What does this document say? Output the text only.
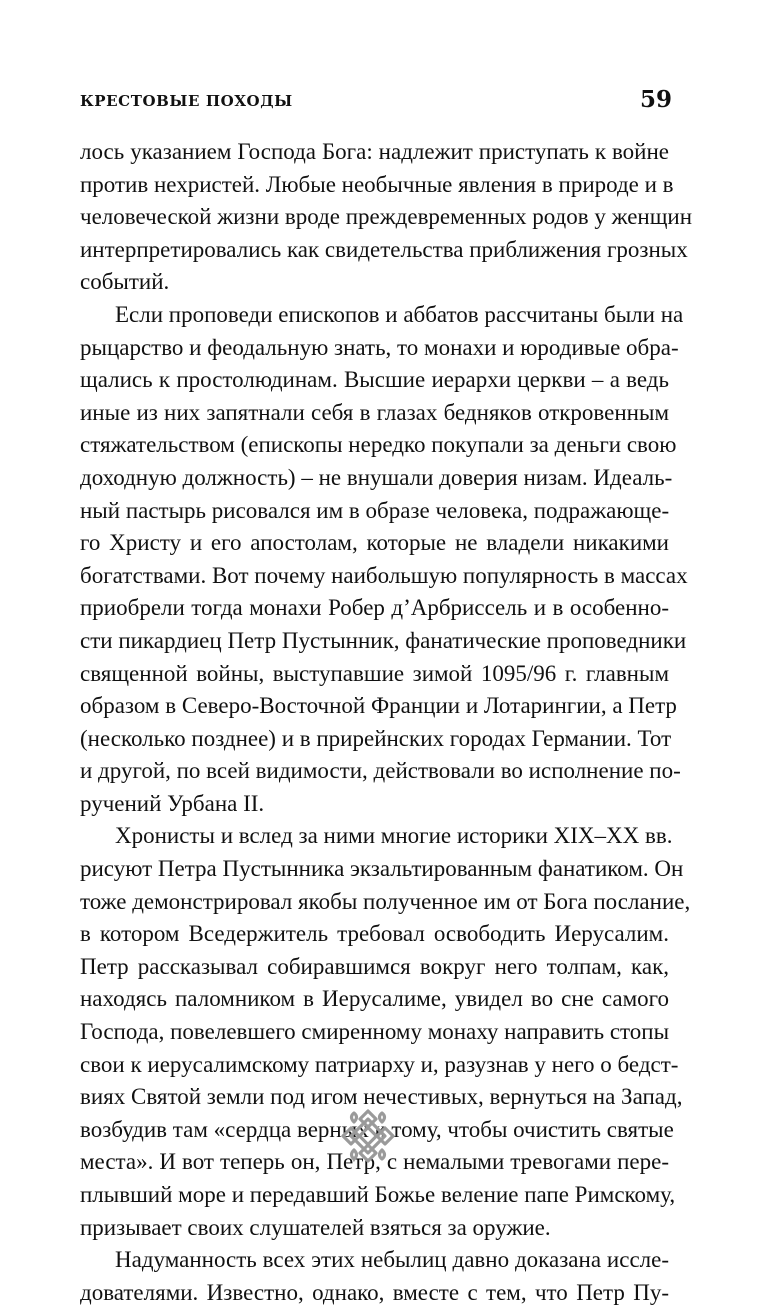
КРЕСТОВЫЕ ПОХОДЫ	59
лось указанием Господа Бога: надлежит приступать к войне
против нехристей. Любые необычные явления в природе и в
человеческой жизни вроде преждевременных родов у женщин
интерпретировались как свидетельства приближения грозных
событий.
Если проповеди епископов и аббатов рассчитаны были на
рыцарство и феодальную знать, то монахи и юродивые обра-
щались к простолюдинам. Высшие иерархи церкви – а ведь
иные из них запятнали себя в глазах бедняков откровенным
стяжательством (епископы нередко покупали за деньги свою
доходную должность) – не внушали доверия низам. Идеаль-
ный пастырь рисовался им в образе человека, подражающе-
го Христу и его апостолам, которые не владели никакими
богатствами. Вот почему наибольшую популярность в массах
приобрели тогда монахи Робер д’Арбриссель и в особенно-
сти пикардиец Петр Пустынник, фанатические проповедники
священной войны, выступавшие зимой 1095/96 г. главным
образом в Северо-Восточной Франции и Лотарингии, а Петр
(несколько позднее) и в прирейнских городах Германии. Тот
и другой, по всей видимости, действовали во исполнение по-
ручений Урбана II.
Хронисты и вслед за ними многие историки XIX–XX вв.
рисуют Петра Пустынника экзальтированным фанатиком. Он
тоже демонстрировал якобы полученное им от Бога послание,
в котором Вседержитель требовал освободить Иерусалим.
Петр рассказывал собиравшимся вокруг него толпам, как,
находясь паломником в Иерусалиме, увидел во сне самого
Господа, повелевшего смиренному монаху направить стопы
свои к иерусалимскому патриарху и, разузнав у него о бедст-
виях Святой земли под игом нечестивых, вернуться на Запад,
возбудив там «сердца верных к тому, чтобы очистить святые
места». И вот теперь он, Петр, с немалыми тревогами пере-
плывший море и передавший Божье веление папе Римскому,
призывает своих слушателей взяться за оружие.
Надуманность всех этих небылиц давно доказана иссле-
дователями. Известно, однако, вместе с тем, что Петр Пу-
